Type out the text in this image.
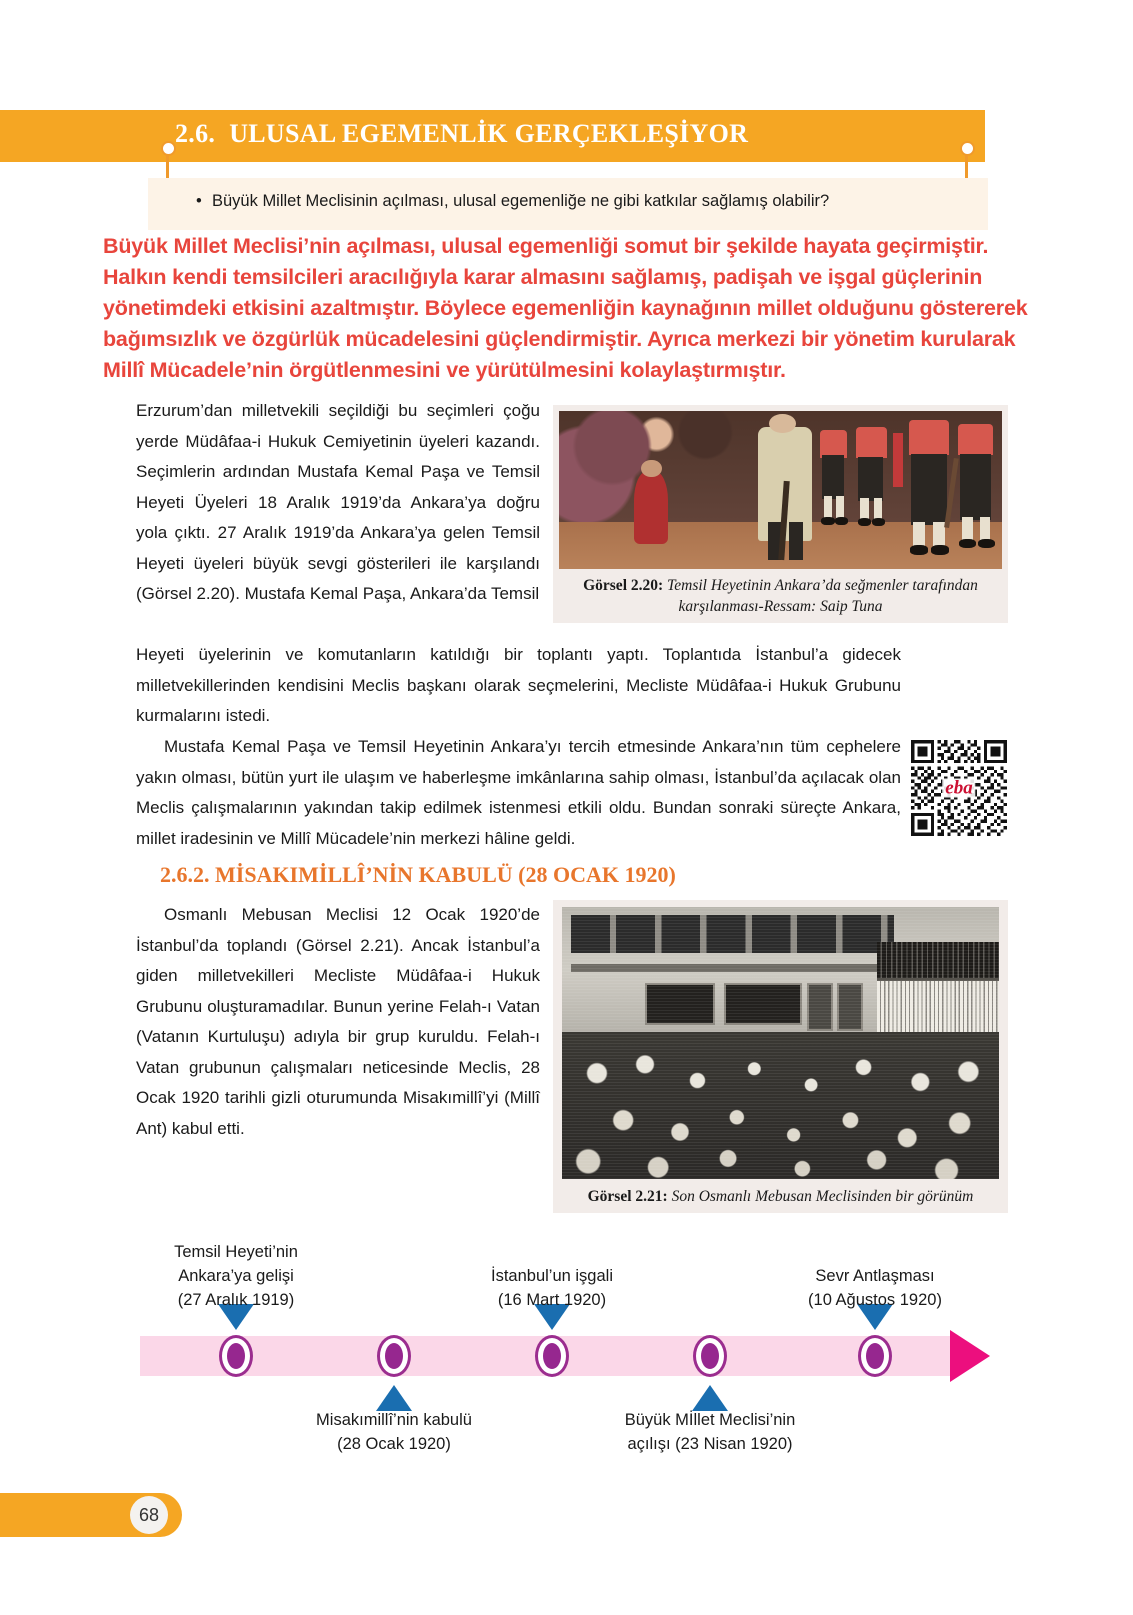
2.6. ULUSAL EGEMENLİK GERÇEKLEŞİYOR
• Büyük Millet Meclisinin açılması, ulusal egemenliğe ne gibi katkılar sağlamış olabilir?
Büyük Millet Meclisi’nin açılması, ulusal egemenliği somut bir şekilde hayata geçirmiştir. Halkın kendi temsilcileri aracılığıyla karar almasını sağlamış, padişah ve işgal güçlerinin yönetimdeki etkisini azaltmıştır. Böylece egemenliğin kaynağının millet olduğunu göstererek bağımsızlık ve özgürlük mücadelesini güçlendirmiştir. Ayrıca merkezi bir yönetim kurularak Millî Mücadele’nin örgütlenmesini ve yürütülmesini kolaylaştırmıştır.
Erzurum’dan milletvekili seçildiği bu seçimleri çoğu yerde Müdâfaa-i Hukuk Cemiyetinin üyeleri kazandı. Seçimlerin ardından Mustafa Kemal Paşa ve Temsil Heyeti Üyeleri 18 Aralık 1919’da Ankara’ya doğru yola çıktı. 27 Aralık 1919’da Ankara’ya gelen Temsil Heyeti üyeleri büyük sevgi gösterileri ile karşılandı (Görsel 2.20). Mustafa Kemal Paşa, Ankara’da Temsil
Heyeti üyelerinin ve komutanların katıldığı bir toplantı yaptı. Toplantıda İstanbul’a gidecek milletvekillerinden kendisini Meclis başkanı olarak seçmelerini, Mecliste Müdâfaa-i Hukuk Grubunu kurmalarını istedi.
Mustafa Kemal Paşa ve Temsil Heyetinin Ankara’yı tercih etmesinde Ankara’nın tüm cephelere yakın olması, bütün yurt ile ulaşım ve haberleşme imkânlarına sahip olması, İstanbul’da açılacak olan Meclis çalışmalarının yakından takip edilmek istenmesi etkili oldu. Bundan sonraki süreçte Ankara, millet iradesinin ve Millî Mücadele’nin merkezi hâline geldi.
Görsel 2.20: Temsil Heyetinin Ankara’da seğmenler tarafından karşılanması-Ressam: Saip Tuna
eba
2.6.2. MİSAKIMİLLÎ’NİN KABULÜ (28 OCAK 1920)
Osmanlı Mebusan Meclisi 12 Ocak 1920’de İstanbul’da toplandı (Görsel 2.21). Ancak İstanbul’a giden milletvekilleri Mecliste Müdâfaa-i Hukuk Grubunu oluşturamadılar. Bunun yerine Felah-ı Vatan (Vatanın Kurtuluşu) adıyla bir grup kuruldu. Felah-ı Vatan grubunun çalışmaları neticesinde Meclis, 28 Ocak 1920 tarihli gizli oturumunda Misakımillî’yi (Millî Ant) kabul etti.
Görsel 2.21: Son Osmanlı Mebusan Meclisinden bir görünüm
Temsil Heyeti’nin
Ankara’ya gelişi
(27 Aralık 1919)
İstanbul’un işgali
(16 Mart 1920)
Sevr Antlaşması
(10 Ağustos 1920)
Misakımillî’nin kabulü
(28 Ocak 1920)
Büyük Mİllet Meclisi’nin
açılışı (23 Nisan 1920)
68
